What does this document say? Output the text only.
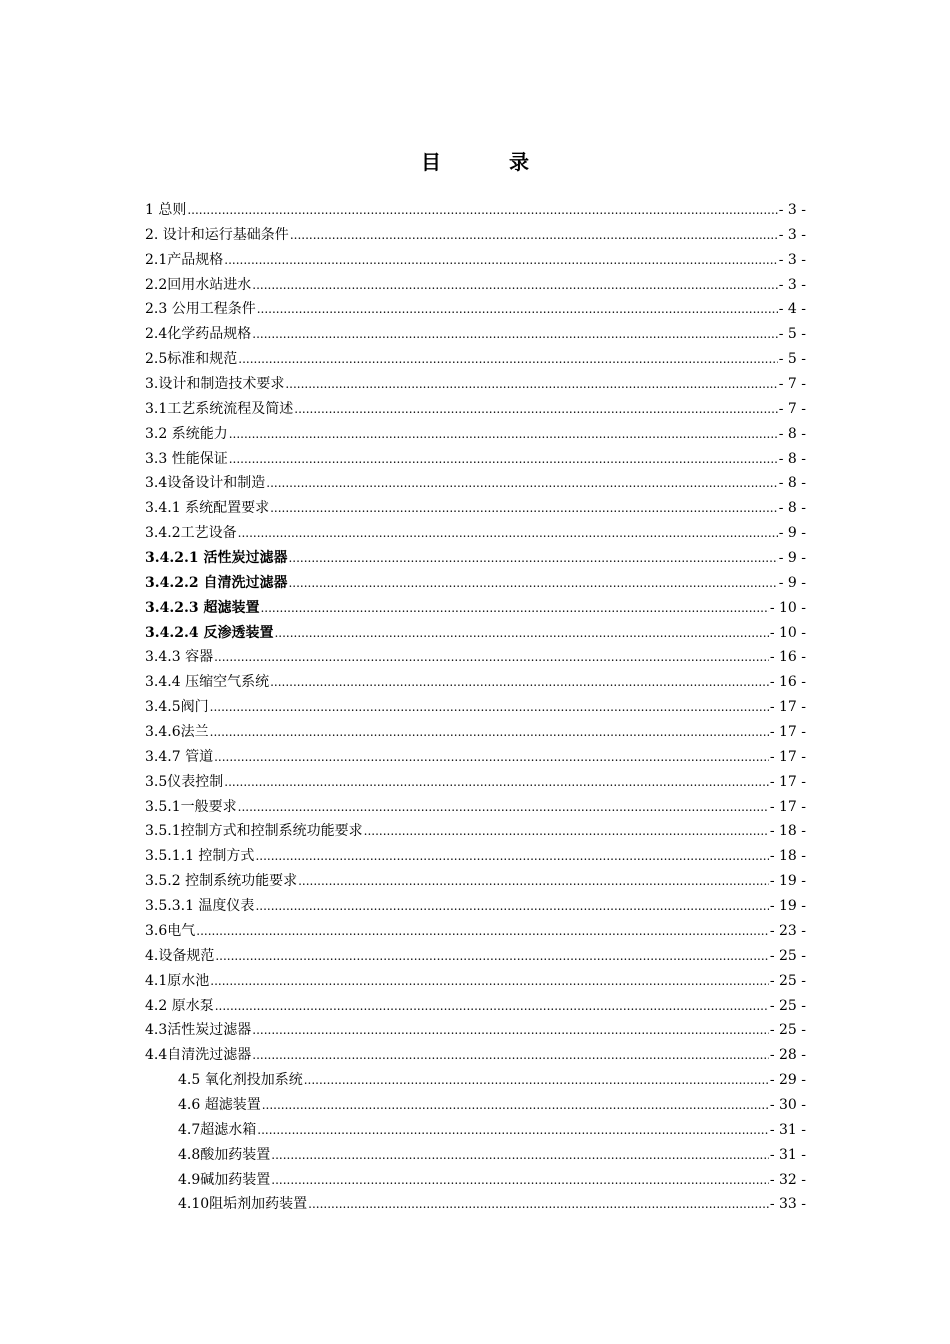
目　录
1 总则 .....	- 3 -
2. 设计和运行基础条件 .....	- 3 -
2.1产品规格 .....	- 3 -
2.2回用水站进水 .....	- 3 -
2.3 公用工程条件 .....	- 4 -
2.4化学药品规格 .....	- 5 -
2.5标准和规范 .....	- 5 -
3.设计和制造技术要求 .....	- 7 -
3.1工艺系统流程及简述 .....	- 7 -
3.2 系统能力 .....	- 8 -
3.3 性能保证 .....	- 8 -
3.4设备设计和制造 .....	- 8 -
3.4.1 系统配置要求 .....	- 8 -
3.4.2工艺设备 .....	- 9 -
3.4.2.1 活性炭过滤器 .....	- 9 -
3.4.2.2 自清洗过滤器 .....	- 9 -
3.4.2.3 超滤装置 .....	- 10 -
3.4.2.4 反渗透装置 .....	- 10 -
3.4.3 容器 .....	- 16 -
3.4.4 压缩空气系统 .....	- 16 -
3.4.5阀门 .....	- 17 -
3.4.6法兰 .....	- 17 -
3.4.7 管道 .....	- 17 -
3.5仪表控制 .....	- 17 -
3.5.1一般要求 .....	- 17 -
3.5.1控制方式和控制系统功能要求 .....	- 18 -
3.5.1.1 控制方式 .....	- 18 -
3.5.2 控制系统功能要求 .....	- 19 -
3.5.3.1 温度仪表 .....	- 19 -
3.6电气 .....	- 23 -
4.设备规范 .....	- 25 -
4.1原水池 .....	- 25 -
4.2 原水泵 .....	- 25 -
4.3活性炭过滤器 .....	- 25 -
4.4自清洗过滤器 .....	- 28 -
4.5 氧化剂投加系统 .....	- 29 -
4.6 超滤装置 .....	- 30 -
4.7超滤水箱 .....	- 31 -
4.8酸加药装置 .....	- 31 -
4.9碱加药装置 .....	- 32 -
4.10阻垢剂加药装置 .....	- 33 -
